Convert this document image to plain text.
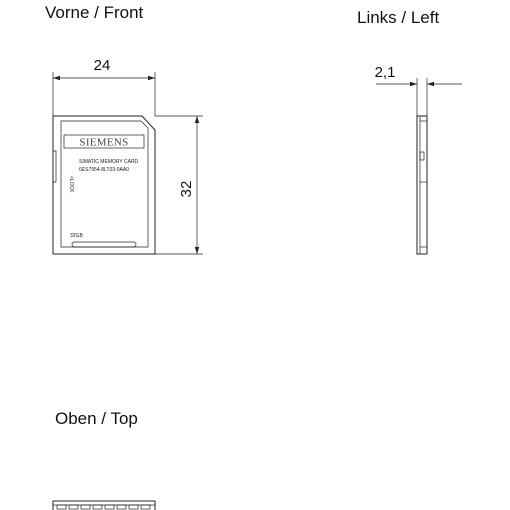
Vorne / Front
24
SIEMENS
SIMATIC MEMORY CARD
6ES7954-8LT03-0AA0
32GB
<LOCK	32
Links / Left
2,1
Oben / Top
